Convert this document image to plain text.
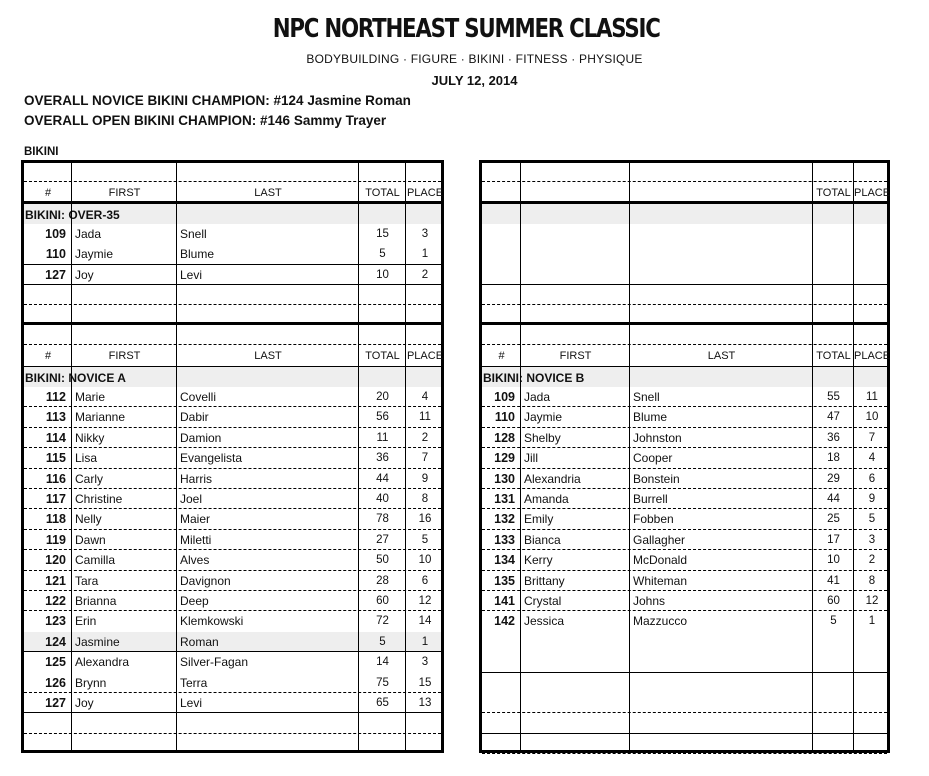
NPC NORTHEAST SUMMER CLASSIC
BODYBUILDING · FIGURE · BIKINI · FITNESS · PHYSIQUE
JULY 12, 2014
OVERALL NOVICE BIKINI CHAMPION: #124 Jasmine Roman
OVERALL OPEN BIKINI CHAMPION: #146 Sammy Trayer
BIKINI
#	FIRST	LAST	TOTAL PLACE
BIKINI: OVER-35
109 Jada	Snell	15	3
110 Jaymie	Blume	5	1
127 Joy	Levi	10	2
#	FIRST	LAST	TOTAL PLACE
BIKINI: NOVICE A
112 Marie	Covelli	20	4
113 Marianne	Dabir	56	11
114 Nikky	Damion	11	2
115 Lisa	Evangelista	36	7
116 Carly	Harris	44	9
117 Christine	Joel	40	8
118 Nelly	Maier	78	16
119 Dawn	Miletti	27	5
120 Camilla	Alves	50	10
121 Tara	Davignon	28	6
122 Brianna	Deep	60	12
123 Erin	Klemkowski	72	14
124 Jasmine	Roman	5	1
125 Alexandra	Silver-Fagan	14	3
126 Brynn	Terra	75	15
127 Joy	Levi	65	13
TOTAL PLACE
#	FIRST	LAST	TOTAL PLACE
BIKINI: NOVICE B
109 Jada	Snell	55	11
110 Jaymie	Blume	47	10
128 Shelby	Johnston	36	7
129 Jill	Cooper	18	4
130 Alexandria	Bonstein	29	6
131 Amanda	Burrell	44	9
132 Emily	Fobben	25	5
133 Bianca	Gallagher	17	3
134 Kerry	McDonald	10	2
135 Brittany	Whiteman	41	8
141 Crystal	Johns	60	12
142 Jessica	Mazzucco	5	1
